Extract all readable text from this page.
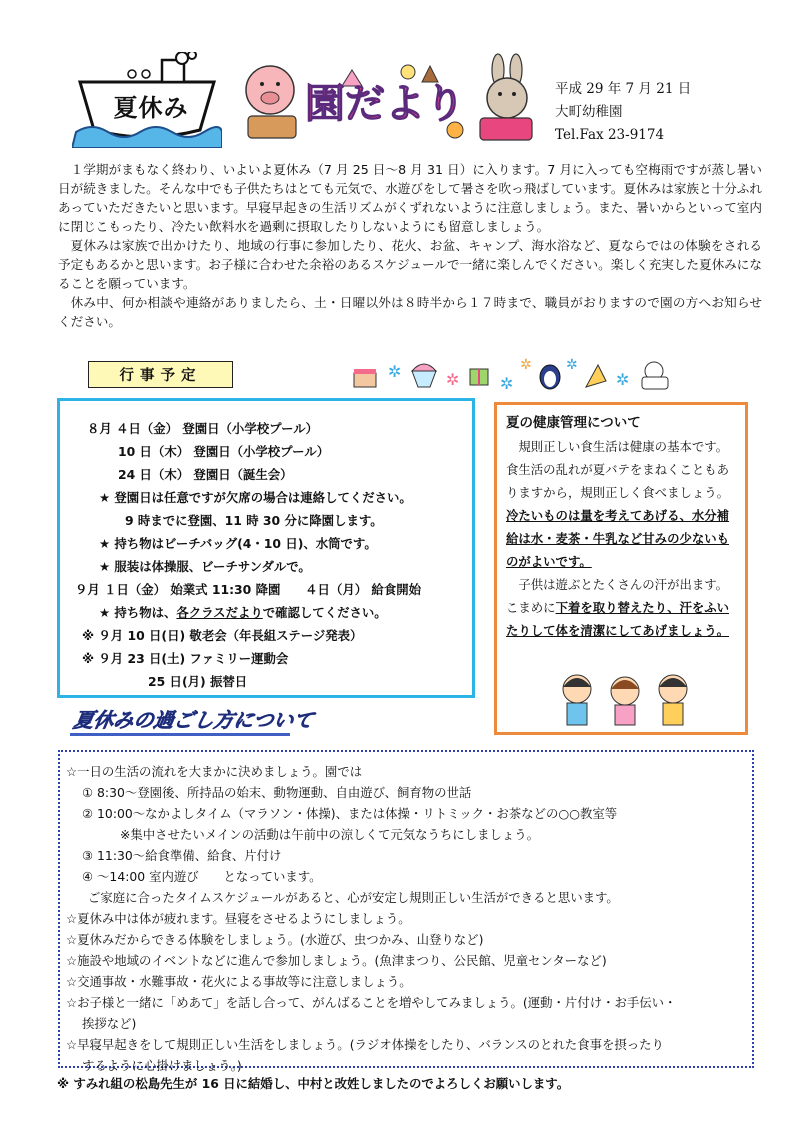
夏休み	園だより	平成 29 年 7 月 21 日
大町幼稚園
Tel.Fax 23-9174

１学期がまもなく終わり、いよいよ夏休み（7 月 25 日～8 月 31 日）に入ります。7 月に入っても空梅雨ですが蒸し暑い日が続きました。そんな中でも子供たちはとても元気で、水遊びをして暑さを吹っ飛ばしています。夏休みは家族と十分ふれあっていただきたいと思います。早寝早起きの生活リズムがくずれないように注意しましょう。また、暑いからといって室内に閉じこもったり、冷たい飲料水を過剰に摂取したりしないようにも留意しましょう。

夏休みは家族で出かけたり、地域の行事に参加したり、花火、お盆、キャンプ、海水浴など、夏ならではの体験をされる予定もあるかと思います。お子様に合わせた余裕のあるスケジュールで一緒に楽しんでください。楽しく充実した夏休みになることを願っています。

休み中、何か相談や連絡がありましたら、土・日曜以外は８時半から１７時まで、職員がおりますので園の方へお知らせください。

行事予定	✲	✲	✲
✲ ✲
✲
８月 ４日（金） 登園日（小学校プール）
10 日（木） 登園日（小学校プール）
24 日（木） 登園日（誕生会）
★ 登園日は任意ですが欠席の場合は連絡してください。
9 時までに登園、11 時 30 分に降園します。
★ 持ち物はビーチバッグ(4・10 日)、水筒です。
★ 服装は体操服、ビーチサンダルで。
９月 １日（金） 始業式 11:30 降園　　４日（月） 給食開始
★ 持ち物は、各クラスだよりで確認してください。
※ ９月 10 日(日) 敬老会（年長組ステージ発表）
※ ９月 23 日(土) ファミリー運動会
25 日(月) 振替日
夏の健康管理について

規則正しい食生活は健康の基本です。食生活の乱れが夏バテをまねくこともありますから，規則正しく食べましょう。冷たいものは量を考えてあげる、水分補給は水・麦茶・牛乳など甘みの少ないものがよいです。

子供は遊ぶとたくさんの汗が出ます。こまめに下着を取り替えたり、汗をふいたりして体を清潔にしてあげましょう。

夏休みの過ごし方について
☆一日の生活の流れを大まかに決めましょう。園では
① 8:30～登園後、所持品の始末、動物運動、自由遊び、飼育物の世話
② 10:00～なかよしタイム（マラソン・体操)、または体操・リトミック・お茶などの○○教室等
※集中させたいメインの活動は午前中の涼しくて元気なうちにしましょう。
③ 11:30～給食準備、給食、片付け
④ ～14:00 室内遊び　　となっています。
ご家庭に合ったタイムスケジュールがあると、心が安定し規則正しい生活ができると思います。
☆夏休み中は体が疲れます。昼寝をさせるようにしましょう。
☆夏休みだからできる体験をしましょう。(水遊び、虫つかみ、山登りなど)
☆施設や地域のイベントなどに進んで参加しましょう。(魚津まつり、公民館、児童センターなど)
☆交通事故・水難事故・花火による事故等に注意しましょう。
☆お子様と一緒に「めあて」を話し合って、がんばることを増やしてみましょう。(運動・片付け・お手伝い・
挨拶など)
☆早寝早起きをして規則正しい生活をしましょう。(ラジオ体操をしたり、バランスのとれた食事を摂ったり
するように心掛けましょう。)
※ すみれ組の松島先生が 16 日に結婚し、中村と改姓しましたのでよろしくお願いします。
